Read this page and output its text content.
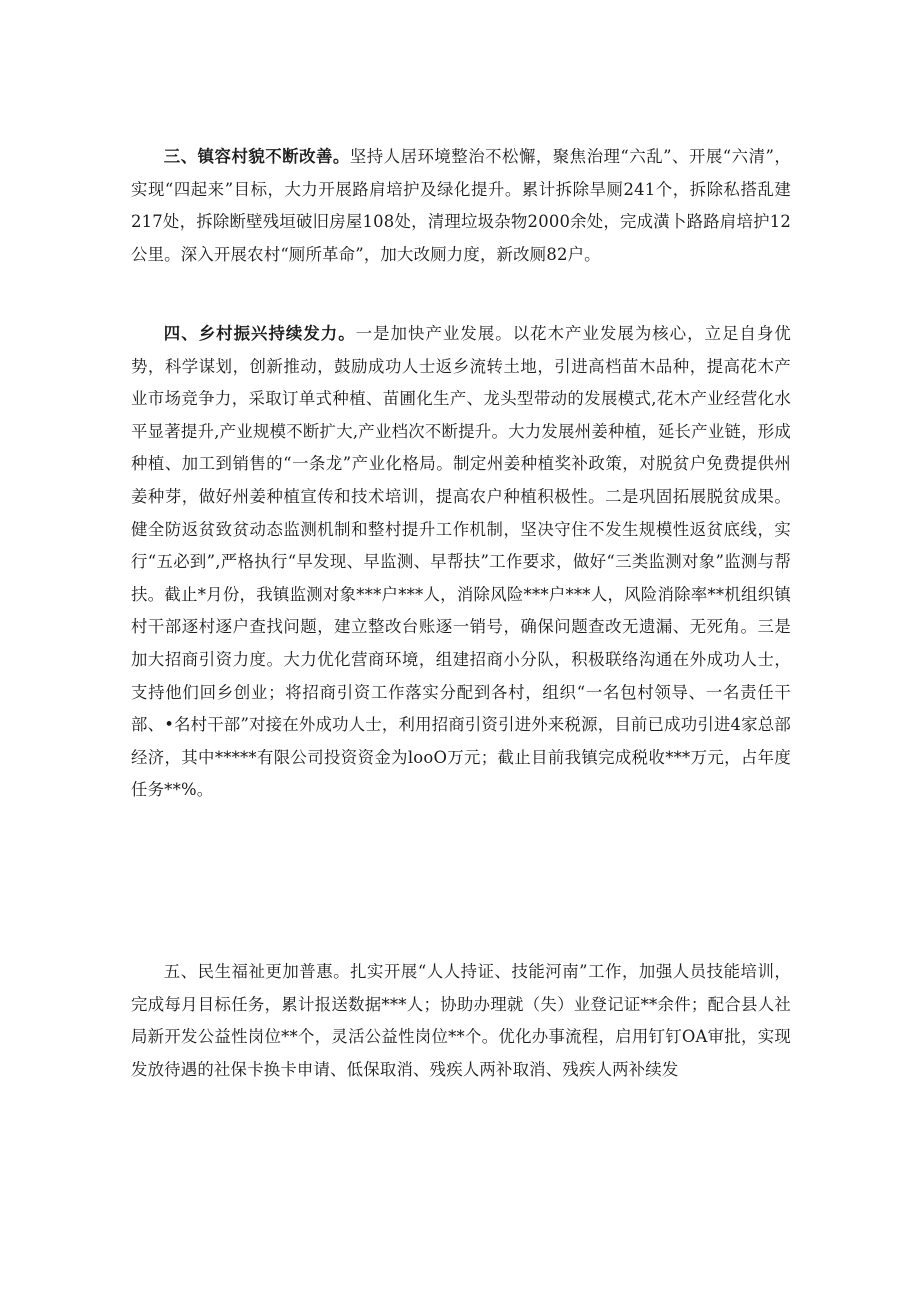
三、镇容村貌不断改善。坚持人居环境整治不松懈，聚焦治理“六乱”、开展“六清”，实现“四起来”目标，大力开展路肩培护及绿化提升。累计拆除旱厕241个，拆除私搭乱建217处，拆除断壁残垣破旧房屋108处，清理垃圾杂物2000余处，完成潢卜路路肩培护12公里。深入开展农村“厕所革命”，加大改厕力度，新改厕82户。

四、乡村振兴持续发力。一是加快产业发展。以花木产业发展为核心，立足自身优势，科学谋划，创新推动，鼓励成功人士返乡流转土地，引进高档苗木品种，提高花木产业市场竞争力，采取订单式种植、苗圃化生产、龙头型带动的发展模式,花木产业经营化水平显著提升,产业规模不断扩大,产业档次不断提升。大力发展州姜种植，延长产业链，形成种植、加工到销售的“一条龙”产业化格局。制定州姜种植奖补政策，对脱贫户免费提供州姜种芽，做好州姜种植宣传和技术培训，提高农户种植积极性。二是巩固拓展脱贫成果。健全防返贫致贫动态监测机制和整村提升工作机制，坚决守住不发生规模性返贫底线，实行“五必到”,严格执行“早发现、早监测、早帮扶”工作要求，做好“三类监测对象”监测与帮扶。截止*月份，我镇监测对象***户***人，消除风险***户***人，风险消除率**机组织镇村干部逐村逐户查找问题，建立整改台账逐一销号，确保问题查改无遗漏、无死角。三是加大招商引资力度。大力优化营商环境，组建招商小分队，积极联络沟通在外成功人士，支持他们回乡创业；将招商引资工作落实分配到各村，组织“一名包村领导、一名责任干部、•名村干部”对接在外成功人士，利用招商引资引进外来税源，目前已成功引进4家总部经济，其中*****有限公司投资资金为looO万元；截止目前我镇完成税收***万元，占年度任务**%。

五、民生福祉更加普惠。扎实开展“人人持证、技能河南”工作，加强人员技能培训，完成每月目标任务，累计报送数据***人；协助办理就（失）业登记证**余件；配合县人社局新开发公益性岗位**个，灵活公益性岗位**个。优化办事流程，启用钉钉OA审批，实现发放待遇的社保卡换卡申请、低保取消、残疾人两补取消、残疾人两补续发
